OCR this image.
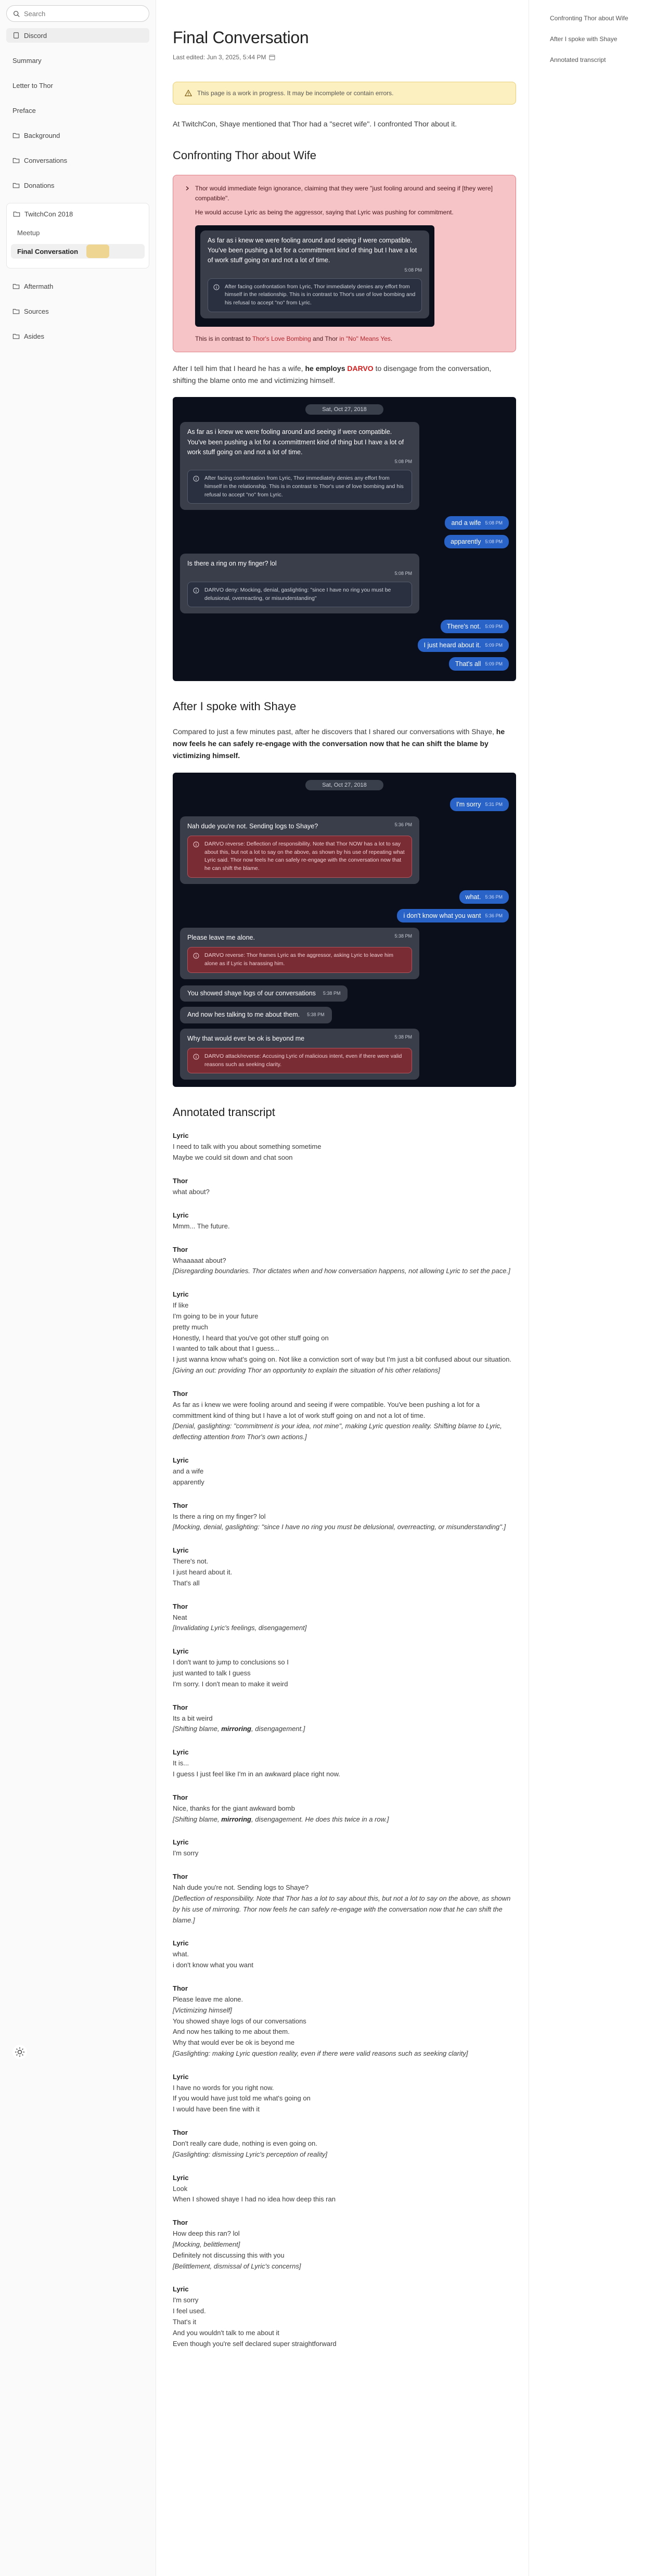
Search
Discord
Summary
Letter to Thor
Preface
Background
Conversations
Donations
TwitchCon 2018
Meetup
Final Conversation
Aftermath
Sources
Asides
Confronting Thor about Wife
After I spoke with Shaye
Annotated transcript
Final Conversation
Last edited: Jun 3, 2025, 5:44 PM
This page is a work in progress. It may be incomplete or contain errors.

At TwitchCon, Shaye mentioned that Thor had a "secret wife". I confronted Thor about it.

Confronting Thor about Wife
Thor would immediate feign ignorance, claiming that they were "just fooling around and seeing if [they were] compatible".
He would accuse Lyric as being the aggressor, saying that Lyric was pushing for commitment.
As far as i knew we were fooling around and seeing if were compatible. You've been pushing a lot for a committment kind of thing but I have a lot of work stuff going on and not a lot of time.
5:08 PM
After facing confrontation from Lyric, Thor immediately denies any effort from himself in the relationship. This is in contrast to Thor's use of love bombing and his refusal to accept "no" from Lyric.
This is in contrast to Thor's Love Bombing and Thor in "No" Means Yes.

After I tell him that I heard he has a wife, he employs DARVO to disengage from the conversation, shifting the blame onto me and victimizing himself.

Sat, Oct 27, 2018
As far as i knew we were fooling around and seeing if were compatible. You've been pushing a lot for a committment kind of thing but I have a lot of work stuff going on and not a lot of time.
5:08 PM
After facing confrontation from Lyric, Thor immediately denies any effort from himself in the relationship. This is in contrast to Thor's use of love bombing and his refusal to accept "no" from Lyric.
and a wife 5:08 PM
apparently 5:08 PM
Is there a ring on my finger? lol
5:08 PM
DARVO deny: Mocking, denial, gaslighting: "since I have no ring you must be delusional, overreacting, or misunderstanding"
There's not. 5:09 PM
I just heard about it. 5:09 PM
That's all 5:09 PM
After I spoke with Shaye

Compared to just a few minutes past, after he discovers that I shared our conversations with Shaye, he now feels he can safely re-engage with the conversation now that he can shift the blame by victimizing himself.

Sat, Oct 27, 2018
I'm sorry 5:31 PM
Nah dude you're not. Sending logs to Shaye?	5:36 PM
DARVO reverse: Deflection of responsibility. Note that Thor NOW has a lot to say about this, but not a lot to say on the above, as shown by his use of repeating what Lyric said. Thor now feels he can safely re-engage with the conversation now that he can shift the blame.
what. 5:36 PM
i don't know what you want 5:36 PM
Please leave me alone.	5:38 PM
DARVO reverse: Thor frames Lyric as the aggressor, asking Lyric to leave him alone as if Lyric is harassing him.
You showed shaye logs of our conversations 5:38 PM
And now hes talking to me about them. 5:38 PM
Why that would ever be ok is beyond me	5:38 PM
DARVO attack/reverse: Accusing Lyric of malicious intent, even if there were valid reasons such as seeking clarity.
Annotated transcript
Lyric
I need to talk with you about something sometime
Maybe we could sit down and chat soon
Thor
what about?
Lyric
Mmm... The future.
Thor
Whaaaaat about?
[Disregarding boundaries. Thor dictates when and how conversation happens, not allowing Lyric to set the pace.]
Lyric
If like
I'm going to be in your future
pretty much
Honestly, I heard that you've got other stuff going on
I wanted to talk about that I guess...
I just wanna know what's going on. Not like a conviction sort of way but I'm just a bit confused about our situation.
[Giving an out: providing Thor an opportunity to explain the situation of his other relations]
Thor
As far as i knew we were fooling around and seeing if were compatible. You've been pushing a lot for a committment kind of thing but I have a lot of work stuff going on and not a lot of time.
[Denial, gaslighting: "commitment is your idea, not mine", making Lyric question reality. Shifting blame to Lyric, deflecting attention from Thor's own actions.]
Lyric
and a wife
apparently
Thor
Is there a ring on my finger? lol
[Mocking, denial, gaslighting: "since I have no ring you must be delusional, overreacting, or misunderstanding".]
Lyric
There's not.
I just heard about it.
That's all
Thor
Neat
[Invalidating Lyric's feelings, disengagement]
Lyric
I don't want to jump to conclusions so I
just wanted to talk I guess
I'm sorry. I don't mean to make it weird
Thor
Its a bit weird
[Shifting blame, mirroring, disengagement.]
Lyric
It is...
I guess I just feel like I'm in an awkward place right now.
Thor
Nice, thanks for the giant awkward bomb
[Shifting blame, mirroring, disengagement. He does this twice in a row.]
Lyric
I'm sorry
Thor
Nah dude you're not. Sending logs to Shaye?
[Deflection of responsibility. Note that Thor has a lot to say about this, but not a lot to say on the above, as shown by his use of mirroring. Thor now feels he can safely re-engage with the conversation now that he can shift the blame.]
Lyric
what.
i don't know what you want
Thor
Please leave me alone.
[Victimizing himself]
You showed shaye logs of our conversations
And now hes talking to me about them.
Why that would ever be ok is beyond me
[Gaslighting: making Lyric question reality, even if there were valid reasons such as seeking clarity]
Lyric
I have no words for you right now.
If you would have just told me what's going on
I would have been fine with it
Thor
Don't really care dude, nothing is even going on.
[Gaslighting: dismissing Lyric's perception of reality]
Lyric
Look
When I showed shaye I had no idea how deep this ran
Thor
How deep this ran? lol
[Mocking, belittlement]
Definitely not discussing this with you
[Belittlement, dismissal of Lyric's concerns]
Lyric
I'm sorry
I feel used.
That's it
And you wouldn't talk to me about it
Even though you're self declared super straightforward
